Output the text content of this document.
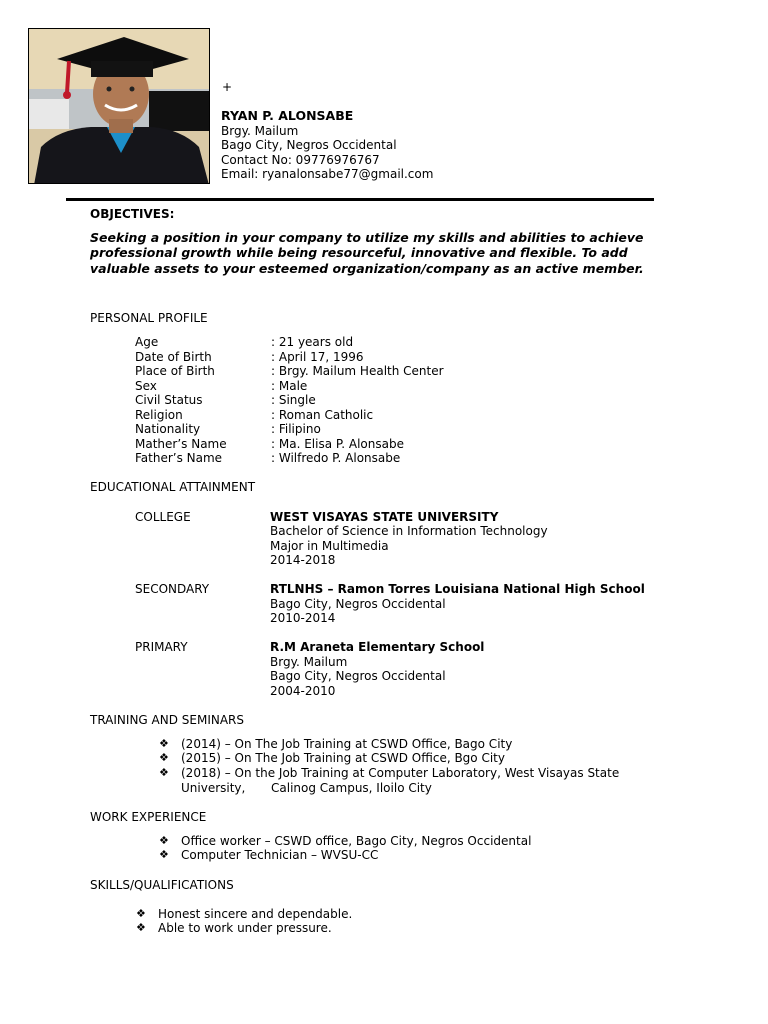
+
RYAN P. ALONSABE
Brgy. Mailum
Bago City, Negros Occidental
Contact No: 09776976767
Email: ryanalonsabe77@gmail.com
OBJECTIVES:
Seeking a position in your company to utilize my skills and abilities to achieve
professional growth while being resourceful, innovative and flexible. To add
valuable assets to your esteemed organization/company as an active member.
PERSONAL PROFILE
Age	: 21 years old
Date of Birth	: April 17, 1996
Place of Birth	: Brgy. Mailum Health Center
Sex	: Male
Civil Status	: Single
Religion	: Roman Catholic
Nationality	: Filipino
Mather’s Name	: Ma. Elisa P. Alonsabe
Father’s Name	: Wilfredo P. Alonsabe
EDUCATIONAL ATTAINMENT
COLLEGE	WEST VISAYAS STATE UNIVERSITY
Bachelor of Science in Information Technology
Major in Multimedia
2014-2018
SECONDARY	RTLNHS – Ramon Torres Louisiana National High School
Bago City, Negros Occidental
2010-2014
PRIMARY	R.M Araneta Elementary School
Brgy. Mailum
Bago City, Negros Occidental
2004-2010
TRAINING AND SEMINARS
❖ (2014) – On The Job Training at CSWD Office, Bago City
❖ (2015) – On The Job Training at CSWD Office, Bgo City
❖ (2018) – On the Job Training at Computer Laboratory, West Visayas State
University, Calinog Campus, Iloilo City
WORK EXPERIENCE
❖ Office worker – CSWD office, Bago City, Negros Occidental
❖ Computer Technician – WVSU-CC
SKILLS/QUALIFICATIONS
❖ Honest sincere and dependable.
❖ Able to work under pressure.
